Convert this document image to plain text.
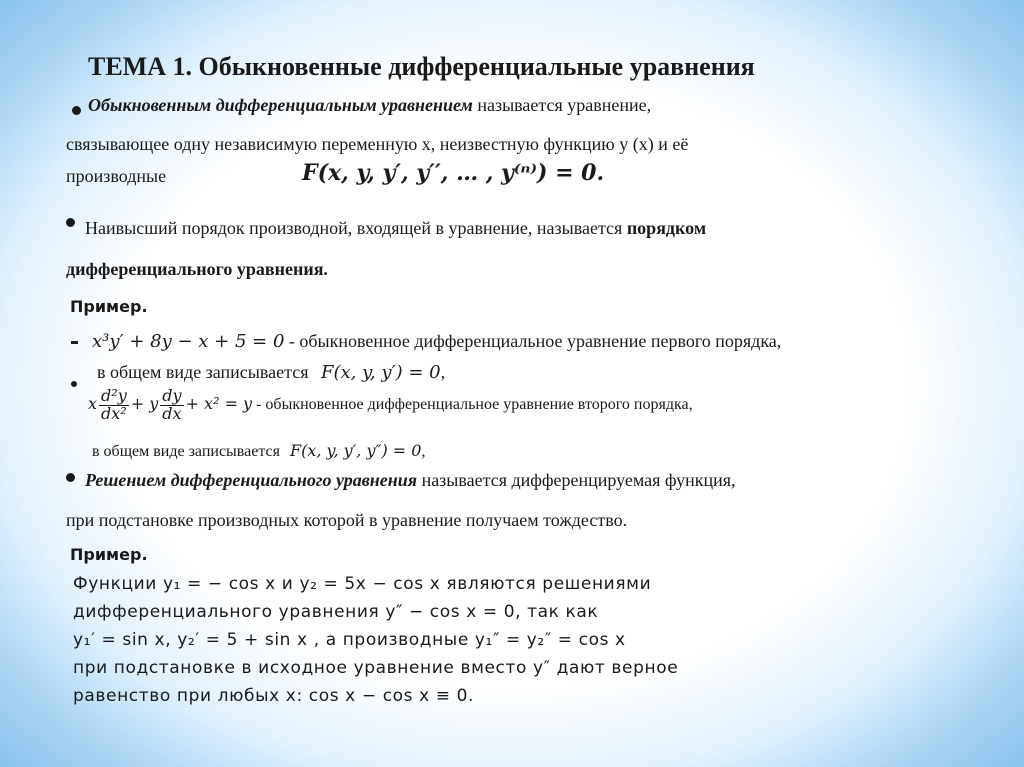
ТЕМА 1. Обыкновенные дифференциальные уравнения
Обыкновенным дифференциальным уравнением называется уравнение,
связывающее одну независимую переменную x, неизвестную функцию y (x) и её
производные	F(x, y, y′, y′′, … , y⁽ⁿ⁾) = 0.
Наивысший порядок производной, входящей в уравнение, называется порядком
дифференциального уравнения.
Пример.
x³y′ + 8y − x + 5 = 0 - обыкновенное дифференциальное уравнение первого порядка,
в общем виде записывается F(x, y, y′) = 0,
x $\frac{\text{d²y}}{\text{dx²}} + y \frac{dy}{dx} + x^2 = y$ - обыкновенное дифференциальное уравнение второго порядка,
в общем виде записывается F(x, y, y′, y″) = 0,
Решением дифференциального уравнения называется дифференцируемая функция,
при подстановке производных которой в уравнение получаем тождество.
Пример.
Функции y₁ = − cos x и y₂ = 5x − cos x являются решениями
дифференциального уравнения y″ − cos x = 0, так как
y₁′ = sin x, y₂′ = 5 + sin x , а производные y₁″ = y₂″ = cos x
при подстановке в исходное уравнение вместо y″ дают верное
равенство при любых х: cos x − cos x ≡ 0.
